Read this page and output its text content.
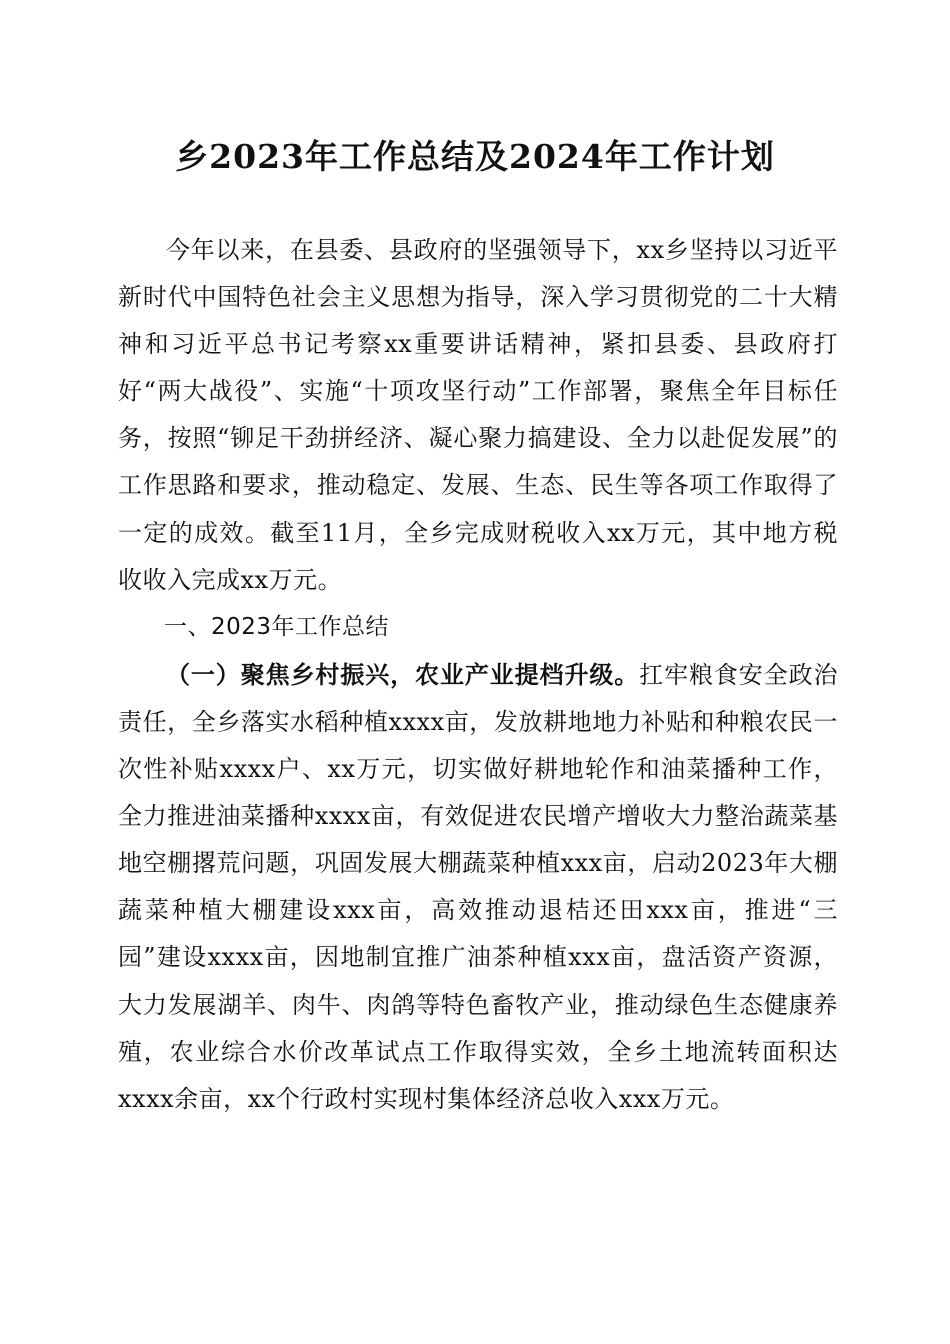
乡2023年工作总结及2024年工作计划

今年以来，在县委、县政府的坚强领导下，xx乡坚持以习近平新时代中国特色社会主义思想为指导，深入学习贯彻党的二十大精神和习近平总书记考察xx重要讲话精神，紧扣县委、县政府打好“两大战役”、实施“十项攻坚行动”工作部署，聚焦全年目标任务，按照“铆足干劲拼经济、凝心聚力搞建设、全力以赴促发展”的工作思路和要求，推动稳定、发展、生态、民生等各项工作取得了一定的成效。截至11月，全乡完成财税收入xx万元，其中地方税收收入完成xx万元。

一、2023年工作总结

（一）聚焦乡村振兴，农业产业提档升级。扛牢粮食安全政治责任，全乡落实水稻种植xxxx亩，发放耕地地力补贴和种粮农民一次性补贴xxxx户、xx万元，切实做好耕地轮作和油菜播种工作，全力推进油菜播种xxxx亩，有效促进农民增产增收大力整治蔬菜基地空棚撂荒问题，巩固发展大棚蔬菜种植xxx亩，启动2023年大棚蔬菜种植大棚建设xxx亩，高效推动退桔还田xxx亩，推进“三园”建设xxxx亩，因地制宜推广油茶种植xxx亩，盘活资产资源，大力发展湖羊、肉牛、肉鸽等特色畜牧产业，推动绿色生态健康养殖，农业综合水价改革试点工作取得实效，全乡土地流转面积达xxxx余亩，xx个行政村实现村集体经济总收入xxx万元。
